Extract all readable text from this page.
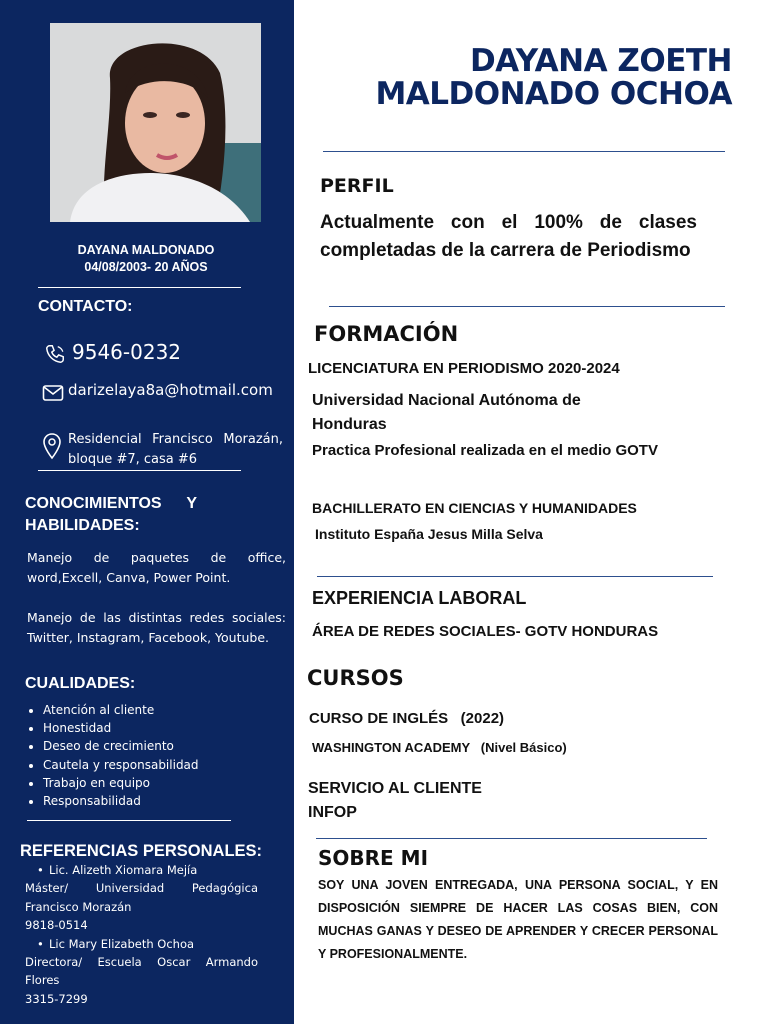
DAYANA MALDONADO
04/08/2003- 20 AÑOS
CONTACTO:
9546-0232
darizelaya8a@hotmail.com
Residencial Francisco Morazán, bloque #7, casa #6
CONOCIMIENTOS Y HABILIDADES:
Manejo de paquetes de office, word,Excell, Canva, Power Point.
Manejo de las distintas redes sociales: Twitter, Instagram, Facebook, Youtube.
CUALIDADES:
• Atención al cliente
• Honestidad
• Deseo de crecimiento
• Cautela y responsabilidad
• Trabajo en equipo
• Responsabilidad
REFERENCIAS PERSONALES:
• Lic. Alizeth Xiomara Mejía
Máster/ Universidad Pedagógica Francisco Morazán
9818-0514
• Lic Mary Elizabeth Ochoa
Directora/ Escuela Oscar Armando Flores
3315-7299
DAYANA ZOETH
MALDONADO OCHOA
PERFIL
Actualmente con el 100% de clases completadas de la carrera de Periodismo
FORMACIÓN
LICENCIATURA EN PERIODISMO 2020-2024
Universidad Nacional Autónoma de Honduras
Practica Profesional realizada en el medio GOTV
BACHILLERATO EN CIENCIAS Y HUMANIDADES
Instituto España Jesus Milla Selva
EXPERIENCIA LABORAL
ÁREA DE REDES SOCIALES- GOTV HONDURAS
CURSOS
CURSO DE INGLÉS   (2022)
WASHINGTON ACADEMY   (Nivel Básico)
SERVICIO AL CLIENTE
INFOP
SOBRE MI
SOY UNA JOVEN ENTREGADA, UNA PERSONA SOCIAL, Y EN DISPOSICIÓN SIEMPRE DE HACER LAS COSAS BIEN, CON MUCHAS GANAS Y DESEO DE APRENDER Y CRECER PERSONAL Y PROFESIONALMENTE.
